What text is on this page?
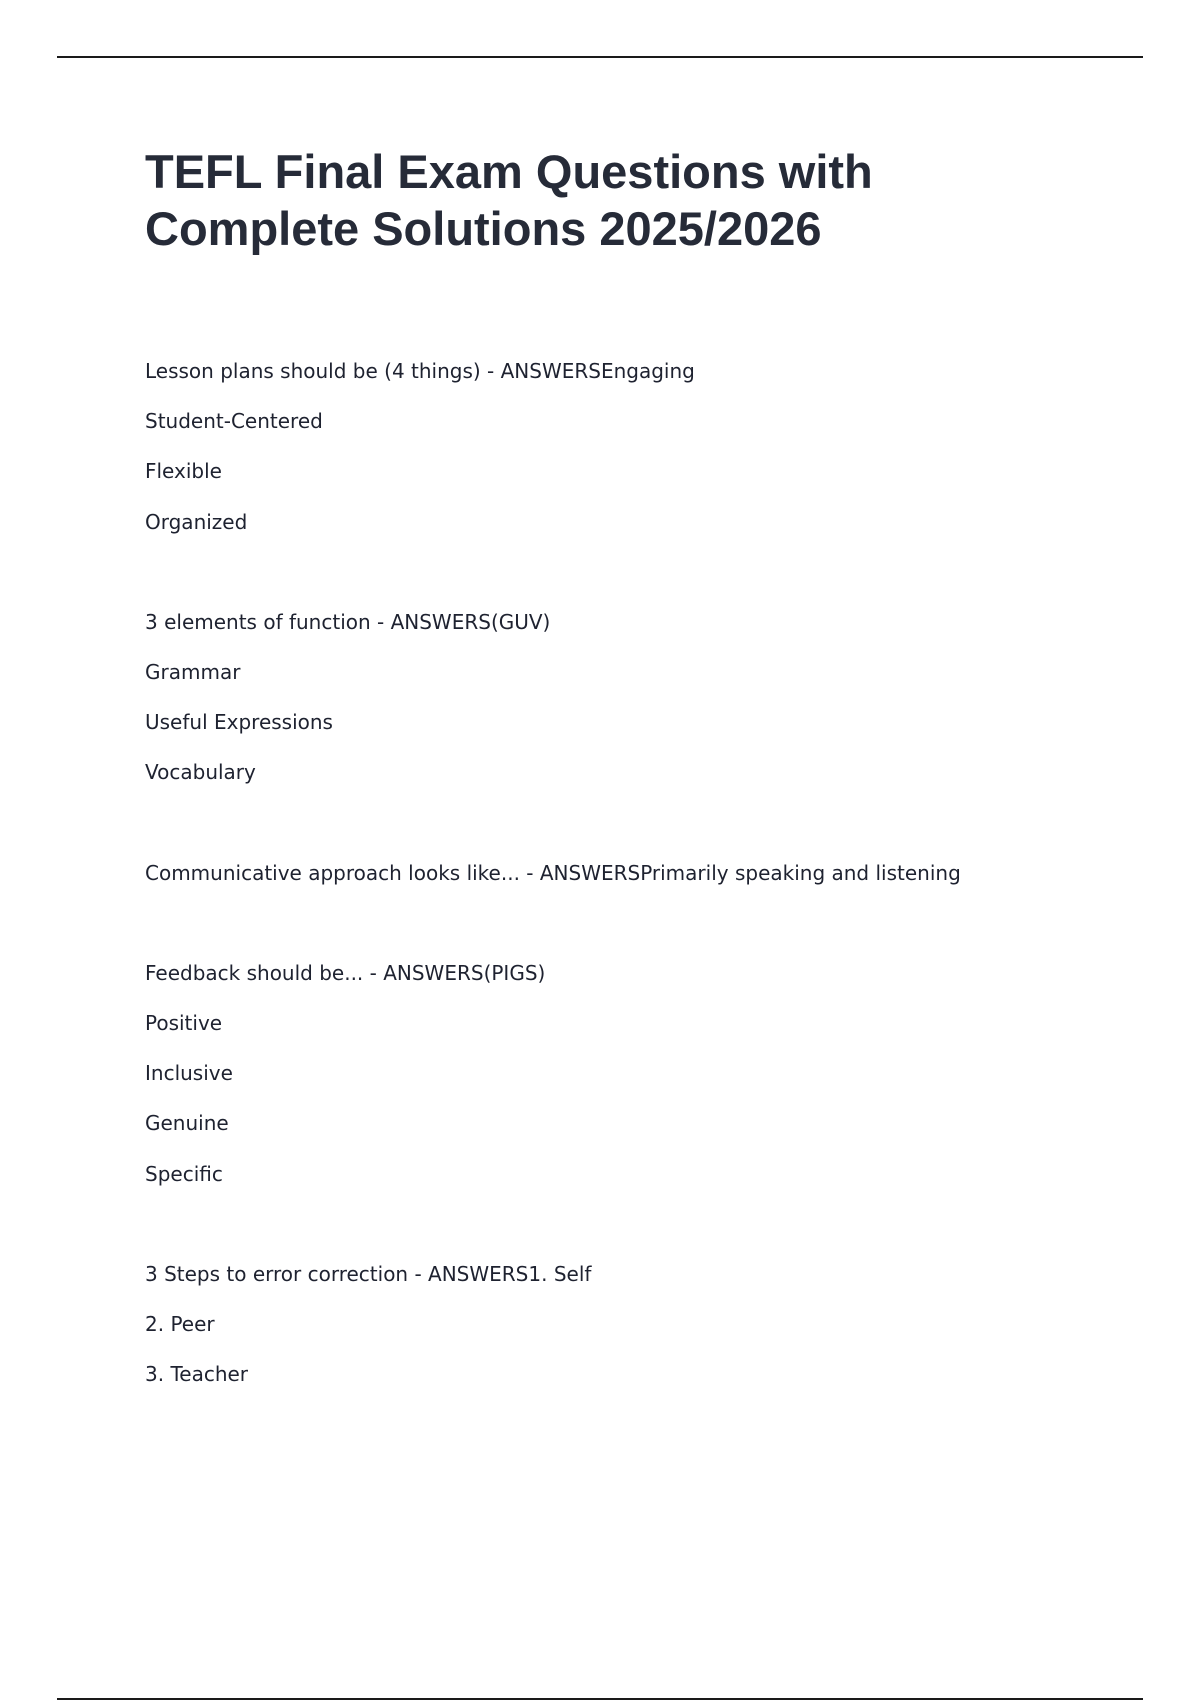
TEFL Final Exam Questions with Complete Solutions 2025/2026
Lesson plans should be (4 things) - ANSWERSEngaging
Student-Centered
Flexible
Organized
3 elements of function - ANSWERS(GUV)
Grammar
Useful Expressions
Vocabulary
Communicative approach looks like... - ANSWERSPrimarily speaking and listening
Feedback should be... - ANSWERS(PIGS)
Positive
Inclusive
Genuine
Specific
3 Steps to error correction - ANSWERS1. Self
2. Peer
3. Teacher
